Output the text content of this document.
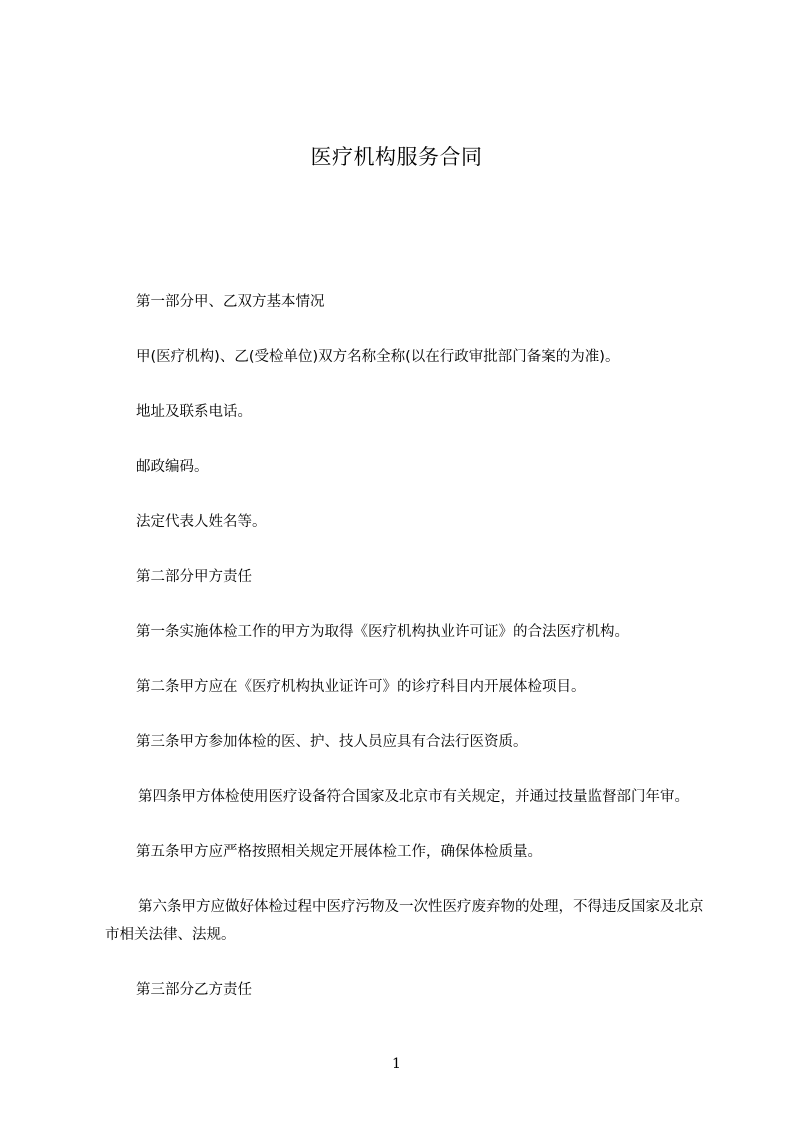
医疗机构服务合同

第一部分甲、乙双方基本情况

甲(医疗机构)、乙(受检单位)双方名称全称(以在行政审批部门备案的为准)。

地址及联系电话。

邮政编码。

法定代表人姓名等。

第二部分甲方责任

第一条实施体检工作的甲方为取得《医疗机构执业许可证》的合法医疗机构。

第二条甲方应在《医疗机构执业证许可》的诊疗科目内开展体检项目。

第三条甲方参加体检的医、护、技人员应具有合法行医资质。

第四条甲方体检使用医疗设备符合国家及北京市有关规定，并通过技量监督部门年审。

第五条甲方应严格按照相关规定开展体检工作，确保体检质量。

第六条甲方应做好体检过程中医疗污物及一次性医疗废弃物的处理，不得违反国家及北京市相关法律、法规。

第三部分乙方责任

1
